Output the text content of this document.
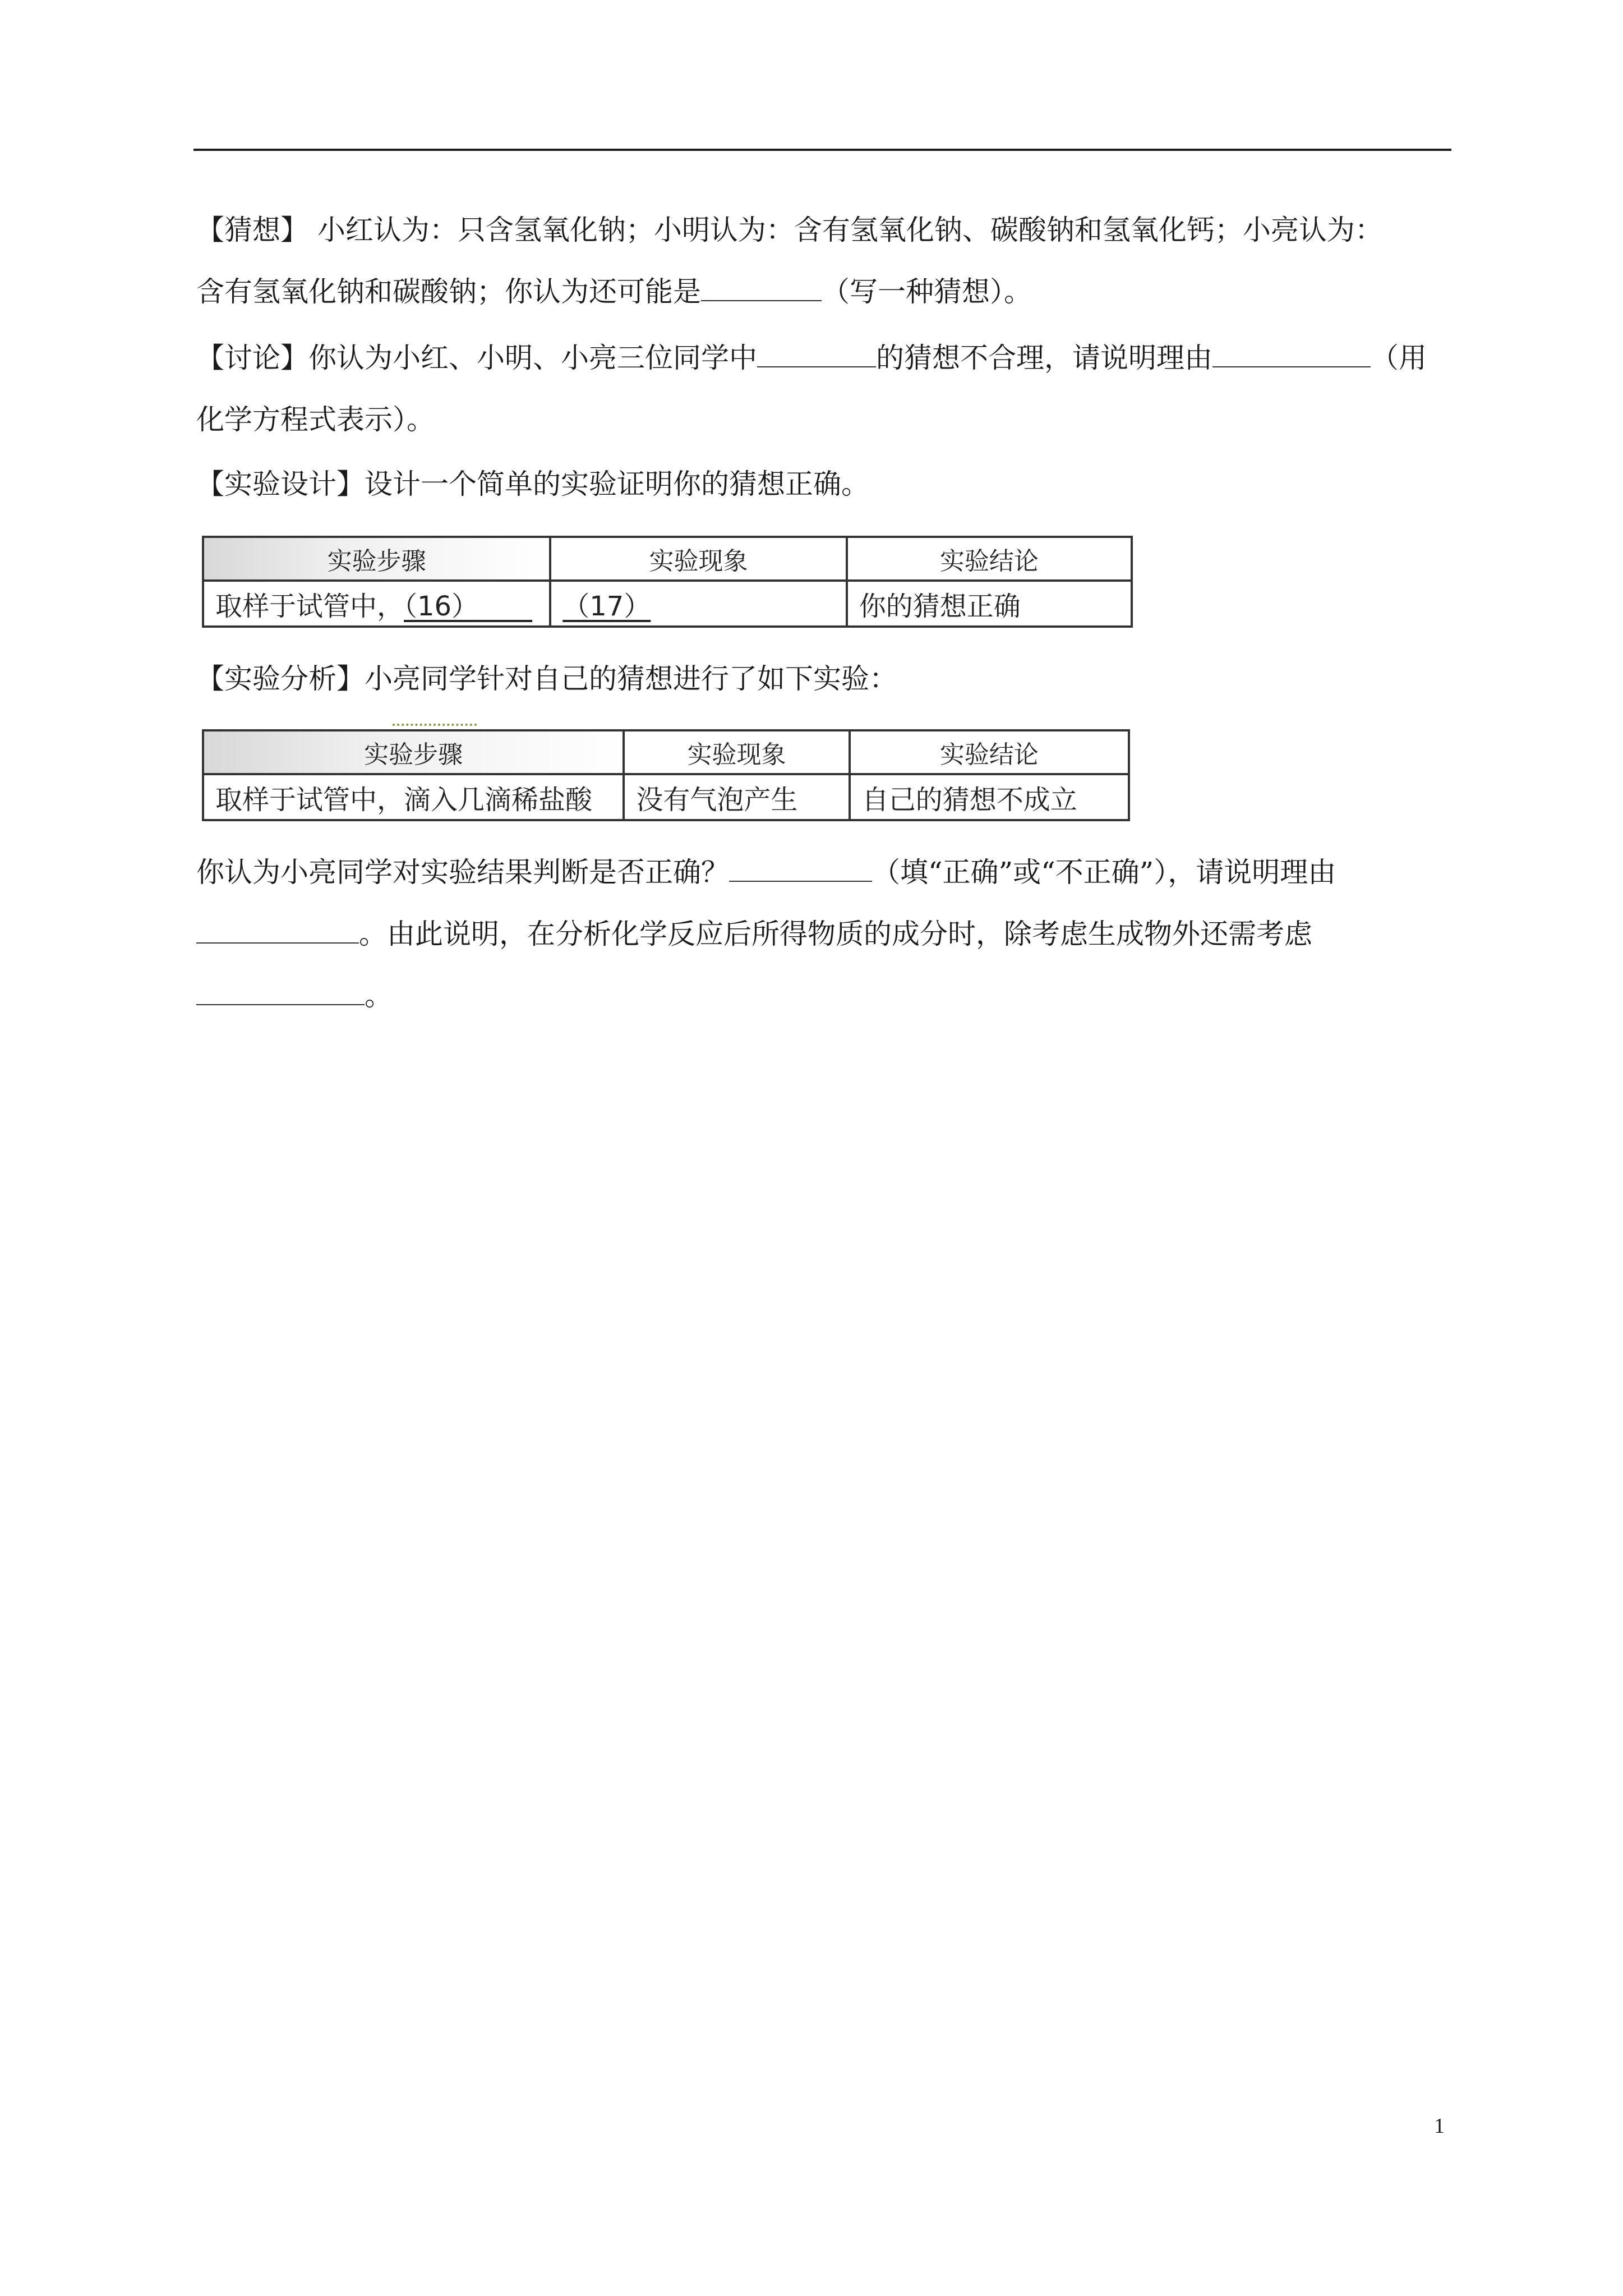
【猜想】 小红认为：只含氢氧化钠；小明认为：含有氢氧化钠、碳酸钠和氢氧化钙；小亮认为：
含有氢氧化钠和碳酸钠；你认为还可能是	（写一种猜想）。
【讨论】你认为小红、小明、小亮三位同学中	的猜想不合理，请说明理由	（用
化学方程式表示）。
【实验设计】设计一个简单的实验证明你的猜想正确。
实验步骤	实验现象	实验结论
取样于试管中，（16）  	（17）	你的猜想正确
【实验分析】小亮同学针对自己的猜想进行了如下实验：
实验步骤	实验现象	实验结论
取样于试管中，滴入几滴稀盐酸	没有气泡产生	自己的猜想不成立
你认为小亮同学对实验结果判断是否正确？	（填“正确”或“不正确”），请说明理由
。由此说明，在分析化学反应后所得物质的成分时，除考虑生成物外还需考虑
。
1
